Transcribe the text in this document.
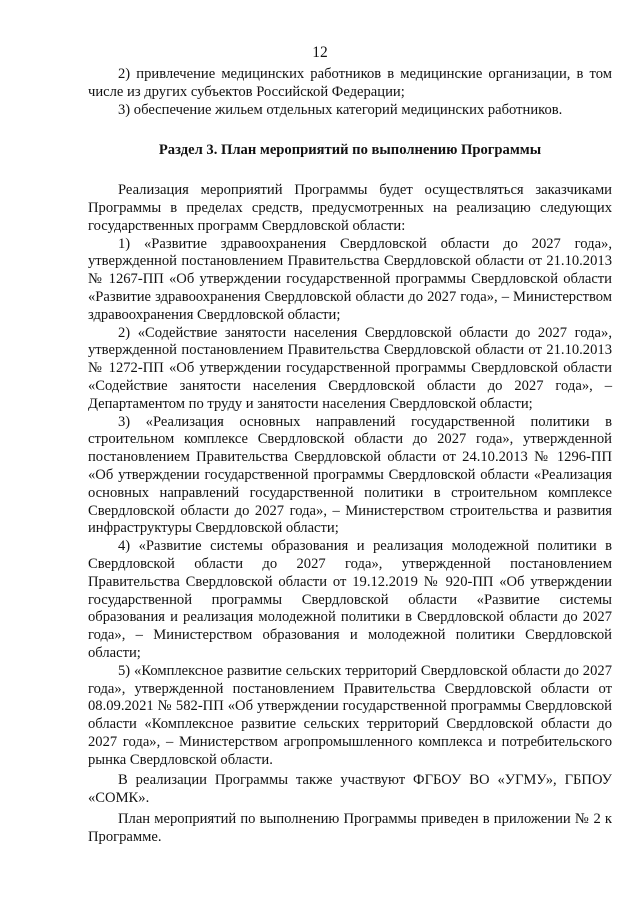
12

2) привлечение медицинских работников в медицинские организации, в том числе из других субъектов Российской Федерации;

3) обеспечение жильем отдельных категорий медицинских работников.

Раздел 3. План мероприятий по выполнению Программы

Реализация мероприятий Программы будет осуществляться заказчиками Программы в пределах средств, предусмотренных на реализацию следующих государственных программ Свердловской области:

1) «Развитие здравоохранения Свердловской области до 2027 года», утвержденной постановлением Правительства Свердловской области от 21.10.2013 № 1267-ПП «Об утверждении государственной программы Свердловской области «Развитие здравоохранения Свердловской области до 2027 года», – Министерством здравоохранения Свердловской области;

2) «Содействие занятости населения Свердловской области до 2027 года», утвержденной постановлением Правительства Свердловской области от 21.10.2013 № 1272-ПП «Об утверждении государственной программы Свердловской области «Содействие занятости населения Свердловской области до 2027 года», – Департаментом по труду и занятости населения Свердловской области;

3) «Реализация основных направлений государственной политики в строительном комплексе Свердловской области до 2027 года», утвержденной постановлением Правительства Свердловской области от 24.10.2013 № 1296-ПП «Об утверждении государственной программы Свердловской области «Реализация основных направлений государственной политики в строительном комплексе Свердловской области до 2027 года», – Министерством строительства и развития инфраструктуры Свердловской области;

4) «Развитие системы образования и реализация молодежной политики в Свердловской области до 2027 года», утвержденной постановлением Правительства Свердловской области от 19.12.2019 № 920-ПП «Об утверждении государственной программы Свердловской области «Развитие системы образования и реализация молодежной политики в Свердловской области до 2027 года», – Министерством образования и молодежной политики Свердловской области;

5) «Комплексное развитие сельских территорий Свердловской области до 2027 года», утвержденной постановлением Правительства Свердловской области от 08.09.2021 № 582-ПП «Об утверждении государственной программы Свердловской области «Комплексное развитие сельских территорий Свердловской области до 2027 года», – Министерством агропромышленного комплекса и потребительского рынка Свердловской области.

В реализации Программы также участвуют ФГБОУ ВО «УГМУ», ГБПОУ «СОМК».

План мероприятий по выполнению Программы приведен в приложении № 2 к Программе.
